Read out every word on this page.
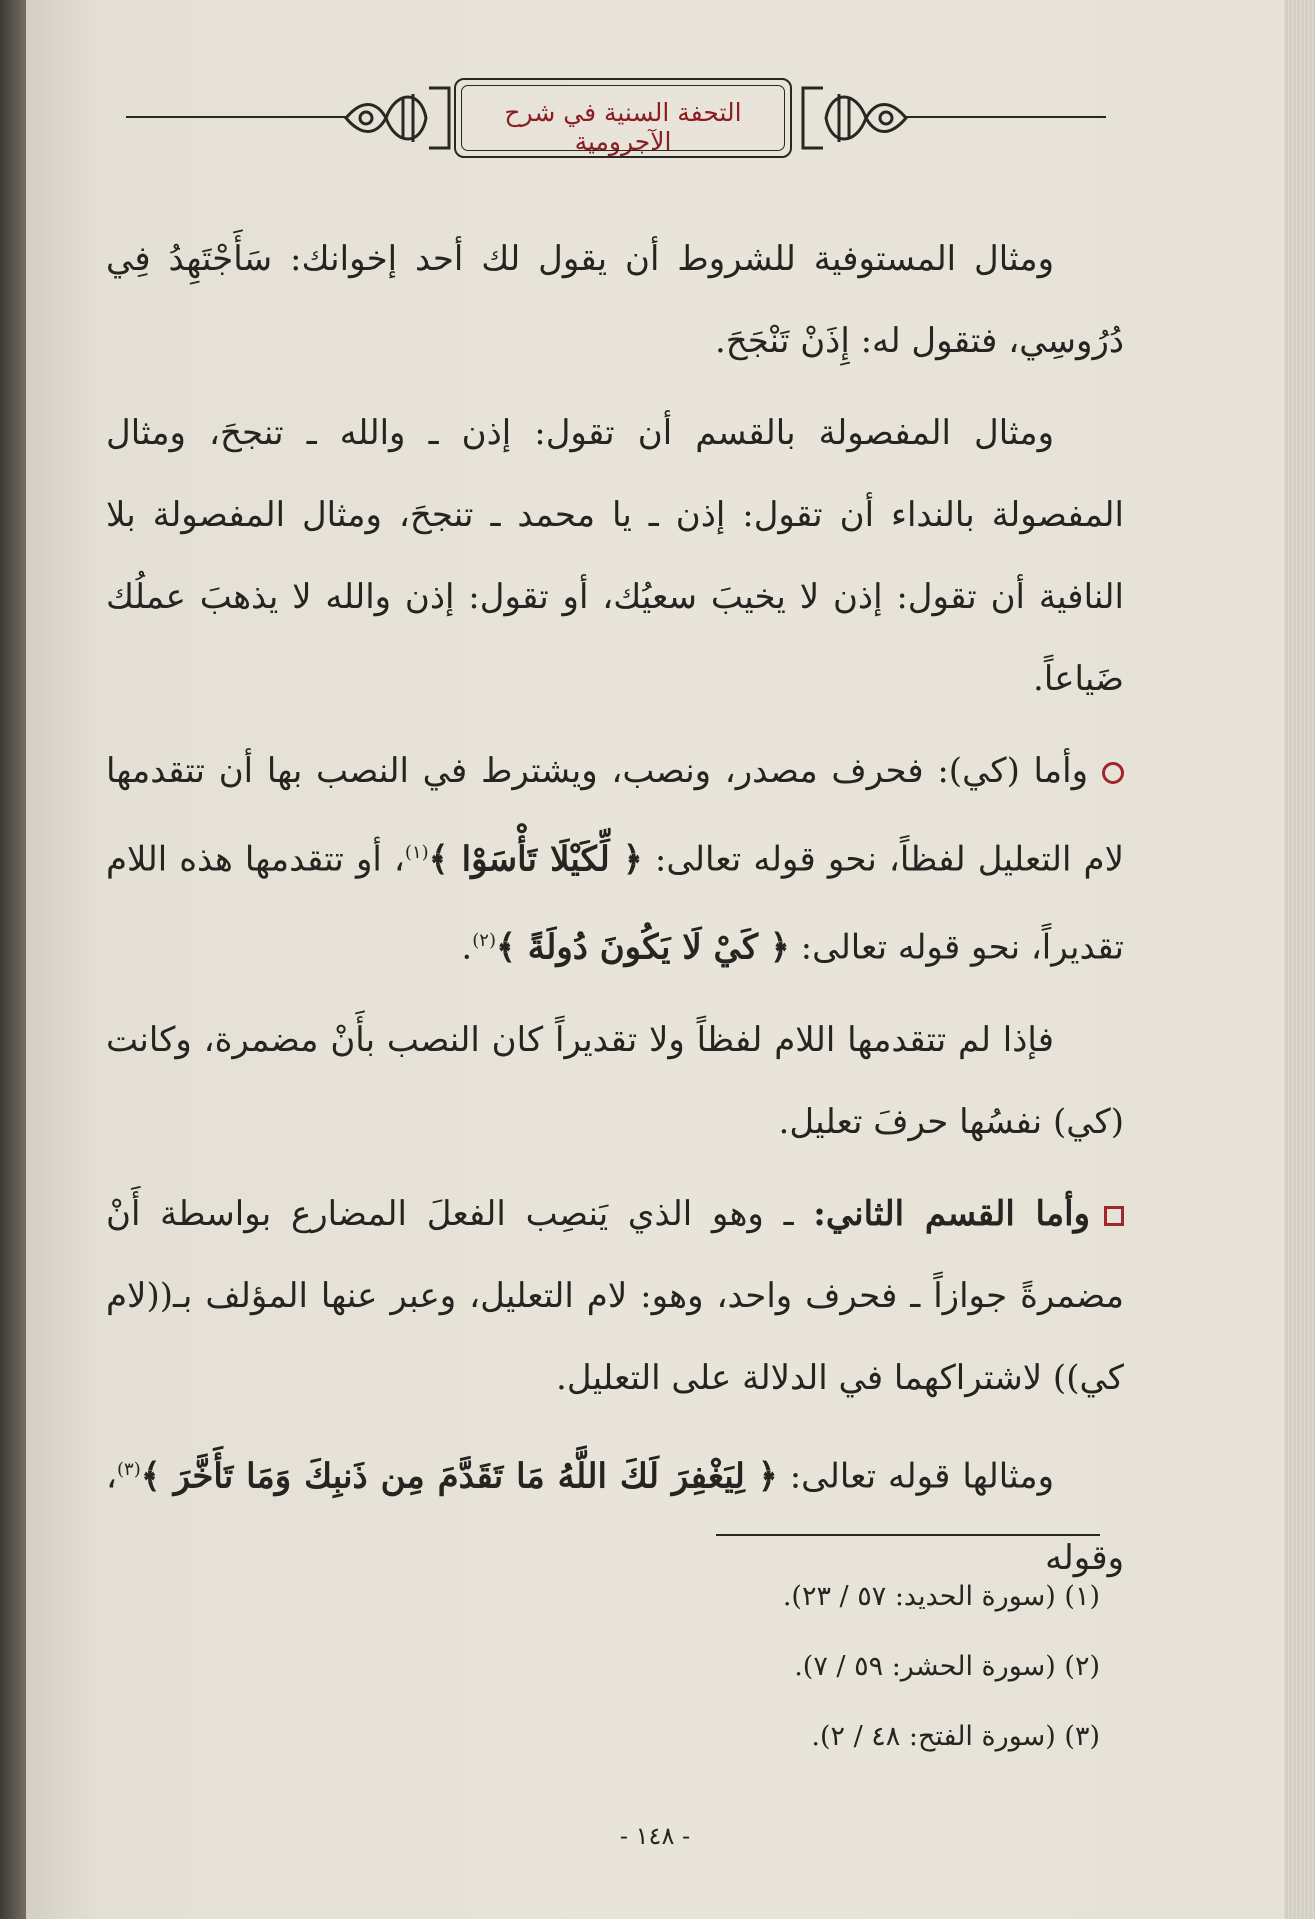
التحفة السنية في شرح الآجرومية

ومثال المستوفية للشروط أن يقول لك أحد إخوانك: سَأَجْتَهِدُ فِي دُرُوسِي، فتقول له: إِذَنْ تَنْجَحَ.

ومثال المفصولة بالقسم أن تقول: إذن ـ والله ـ تنجحَ، ومثال المفصولة بالنداء أن تقول: إذن ـ يا محمد ـ تنجحَ، ومثال المفصولة بلا النافية أن تقول: إذن لا يخيبَ سعيُك، أو تقول: إذن والله لا يذهبَ عملُك ضَياعاً.

وأما (كي): فحرف مصدر، ونصب، ويشترط في النصب بها أن تتقدمها لام التعليل لفظاً، نحو قوله تعالى: ﴿ لِّكَيْلَا تَأْسَوْا ﴾$^{(١)}$، أو تتقدمها هذه اللام تقديراً، نحو قوله تعالى: ﴿ كَيْ لَا يَكُونَ دُولَةً ﴾$^{(٢)}$.

فإذا لم تتقدمها اللام لفظاً ولا تقديراً كان النصب بأَنْ مضمرة، وكانت (كي) نفسُها حرفَ تعليل.

وأما القسم الثاني: ـ وهو الذي يَنصِب الفعلَ المضارع بواسطة أَنْ مضمرةً جوازاً ـ فحرف واحد، وهو: لام التعليل، وعبر عنها المؤلف بـ((لام كي)) لاشتراكهما في الدلالة على التعليل.

ومثالها قوله تعالى: ﴿ لِيَغْفِرَ لَكَ اللَّهُ مَا تَقَدَّمَ مِن ذَنبِكَ وَمَا تَأَخَّرَ ﴾$^{(٣)}$، وقوله

(١) (سورة الحديد: ٥٧ / ٢٣).

(٢) (سورة الحشر: ٥٩ / ٧).

(٣) (سورة الفتح: ٤٨ / ٢).

- ١٤٨ -
